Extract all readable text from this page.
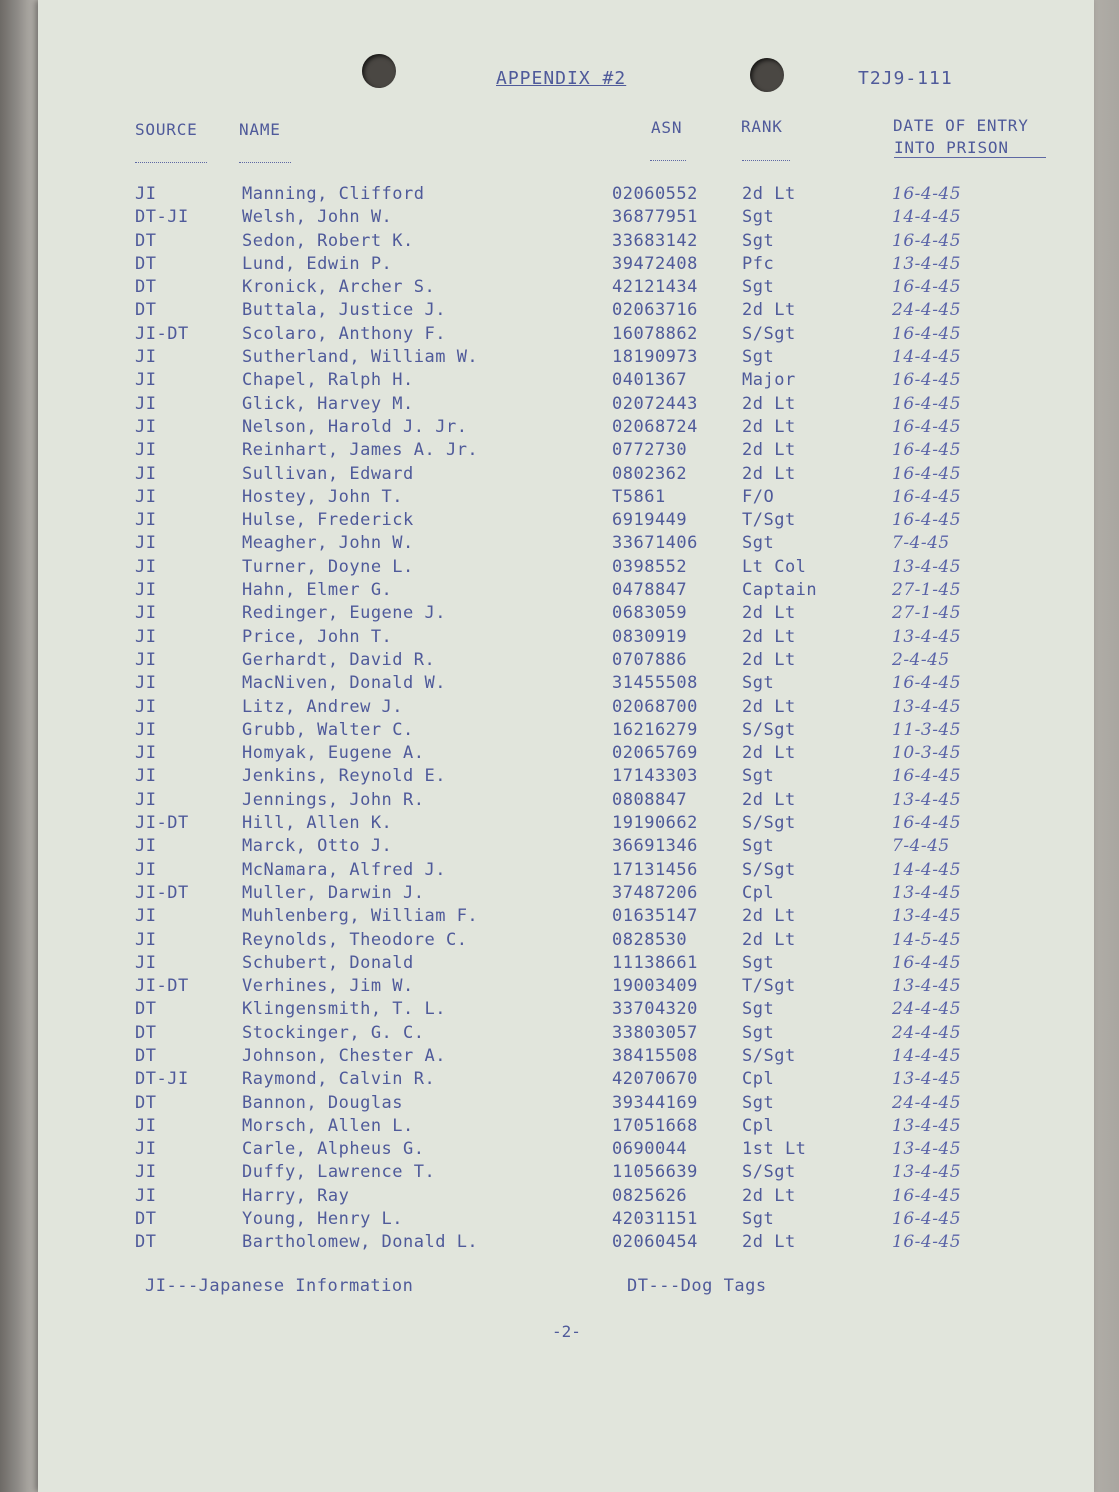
APPENDIX #2	T2J9-111
SOURCE	NAME	ASN	RANK	DATE OF ENTRY
INTO PRISON
JI	Manning, Clifford	02060552	2d Lt	16-4-45
DT-JI	Welsh, John W.	36877951	Sgt	14-4-45
DT	Sedon, Robert K.	33683142	Sgt	16-4-45
DT	Lund, Edwin P.	39472408	Pfc	13-4-45
DT	Kronick, Archer S.	42121434	Sgt	16-4-45
DT	Buttala, Justice J.	02063716	2d Lt	24-4-45
JI-DT	Scolaro, Anthony F.	16078862	S/Sgt	16-4-45
JI	Sutherland, William W.	18190973	Sgt	14-4-45
JI	Chapel, Ralph H.	0401367	Major	16-4-45
JI	Glick, Harvey M.	02072443	2d Lt	16-4-45
JI	Nelson, Harold J. Jr.	02068724	2d Lt	16-4-45
JI	Reinhart, James A. Jr.	0772730	2d Lt	16-4-45
JI	Sullivan, Edward	0802362	2d Lt	16-4-45
JI	Hostey, John T.	T5861	F/O	16-4-45
JI	Hulse, Frederick	6919449	T/Sgt	16-4-45
JI	Meagher, John W.	33671406	Sgt	7-4-45
JI	Turner, Doyne L.	0398552	Lt Col	13-4-45
JI	Hahn, Elmer G.	0478847	Captain	27-1-45
JI	Redinger, Eugene J.	0683059	2d Lt	27-1-45
JI	Price, John T.	0830919	2d Lt	13-4-45
JI	Gerhardt, David R.	0707886	2d Lt	2-4-45
JI	MacNiven, Donald W.	31455508	Sgt	16-4-45
JI	Litz, Andrew J.	02068700	2d Lt	13-4-45
JI	Grubb, Walter C.	16216279	S/Sgt	11-3-45
JI	Homyak, Eugene A.	02065769	2d Lt	10-3-45
JI	Jenkins, Reynold E.	17143303	Sgt	16-4-45
JI	Jennings, John R.	0808847	2d Lt	13-4-45
JI-DT	Hill, Allen K.	19190662	S/Sgt	16-4-45
JI	Marck, Otto J.	36691346	Sgt	7-4-45
JI	McNamara, Alfred J.	17131456	S/Sgt	14-4-45
JI-DT	Muller, Darwin J.	37487206	Cpl	13-4-45
JI	Muhlenberg, William F.	01635147	2d Lt	13-4-45
JI	Reynolds, Theodore C.	0828530	2d Lt	14-5-45
JI	Schubert, Donald	11138661	Sgt	16-4-45
JI-DT	Verhines, Jim W.	19003409	T/Sgt	13-4-45
DT	Klingensmith, T. L.	33704320	Sgt	24-4-45
DT	Stockinger, G. C.	33803057	Sgt	24-4-45
DT	Johnson, Chester A.	38415508	S/Sgt	14-4-45
DT-JI	Raymond, Calvin R.	42070670	Cpl	13-4-45
DT	Bannon, Douglas	39344169	Sgt	24-4-45
JI	Morsch, Allen L.	17051668	Cpl	13-4-45
JI	Carle, Alpheus G.	0690044	1st Lt	13-4-45
JI	Duffy, Lawrence T.	11056639	S/Sgt	13-4-45
JI	Harry, Ray	0825626	2d Lt	16-4-45
DT	Young, Henry L.	42031151	Sgt	16-4-45
DT	Bartholomew, Donald L.	02060454	2d Lt	16-4-45
JI---Japanese Information	DT---Dog Tags
-2-
